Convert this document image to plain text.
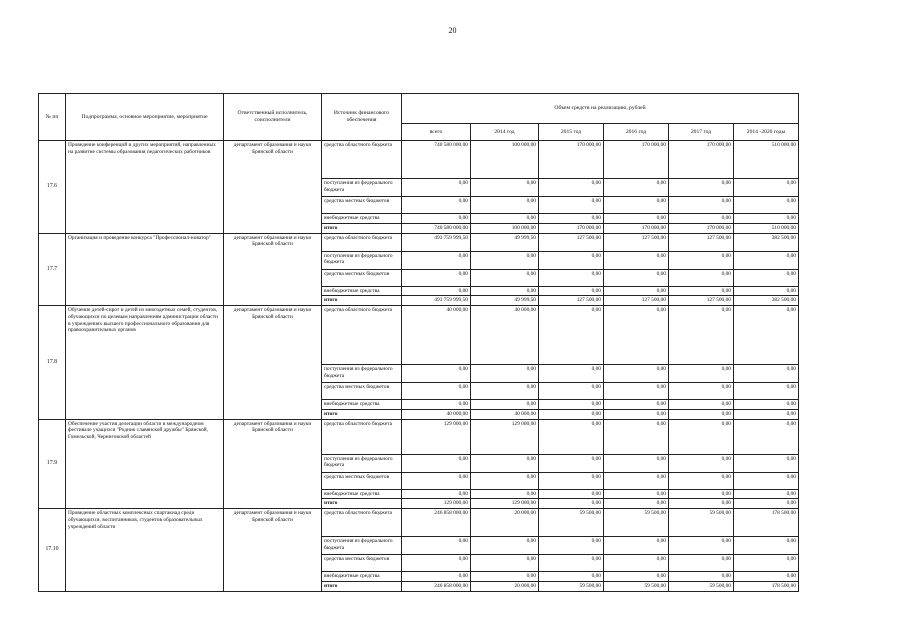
20
№ пп	Подпрограмма, основное мероприятие, мероприятие	Ответственный исполнитель, соисполнители	Источник финансового обеспечения	Объем средств на реализацию, рублей					
				всего	2014 год	2015 год	2016 год	2017 год	2014 -2020 годы
17.6	Проведение конференций и других мероприятий, направленных на развитие системы образования педагогических работников	департамент образования и науки Брянской области	средства областного бюджета	740 580 000,00	100 000,00	170 000,00	170 000,00	170 000,00	510 000,00
			поступления из федерального бюджета	0,00	0,00	0,00	0,00	0,00	0,00
			средства местных бюджетов	0,00	0,00	0,00	0,00	0,00	0,00
			внебюджетные средства	0,00	0,00	0,00	0,00	0,00	0,00
			итого	740 580 000,00	100 000,00	170 000,00	170 000,00	170 000,00	510 000,00
17.7	Организация и проведение конкурса "Профессионал-новатор"	департамент образования и науки Брянской области	средства областного бюджета	493 759 999,50	49 999,50	127 500,00	127 500,00	127 500,00	382 500,00
			поступления из федерального бюджета	0,00	0,00	0,00	0,00	0,00	0,00
			средства местных бюджетов	0,00	0,00	0,00	0,00	0,00	0,00
			внебюджетные средства	0,00	0,00	0,00	0,00	0,00	0,00
			итого	493 759 999,50	49 999,50	127 500,00	127 500,00	127 500,00	382 500,00
17.8	Обучение детей-сирот и детей из многодетных семей, студентов, обучающихся по целевым направлениям администрации области в учреждениях высшего профессионального образования для правоохранительных органов	департамент образования и науки Брянской области	средства областного бюджета	40 000,00	40 000,00	0,00	0,00	0,00	0,00
			поступления из федерального бюджета	0,00	0,00	0,00	0,00	0,00	0,00
			средства местных бюджетов	0,00	0,00	0,00	0,00	0,00	0,00
			внебюджетные средства	0,00	0,00	0,00	0,00	0,00	0,00
			итого	40 000,00	40 000,00	0,00	0,00	0,00	0,00
17.9	Обеспечение участия делегации области в международном фестивале учащихся "Родник славянской дружбы" Брянской, Гомельской, Черниговской областей	департамент образования и науки Брянской области	средства областного бюджета	129 000,00	129 000,00	0,00	0,00	0,00	0,00
			поступления из федерального бюджета	0,00	0,00	0,00	0,00	0,00	0,00
			средства местных бюджетов	0,00	0,00	0,00	0,00	0,00	0,00
			внебюджетные средства	0,00	0,00	0,00	0,00	0,00	0,00
			итого	129 000,00	129 000,00	0,00	0,00	0,00	0,00
17.10	Проведение областных комплексных спартакиад среди обучающихся, воспитанников, студентов образовательных учреждений области	департамент образования и науки Брянской области	средства областного бюджета	246 858 000,00	20 000,00	59 500,00	59 500,00	59 500,00	178 500,00
			поступления из федерального бюджета	0,00	0,00	0,00	0,00	0,00	0,00
			средства местных бюджетов	0,00	0,00	0,00	0,00	0,00	0,00
			внебюджетные средства	0,00	0,00	0,00	0,00	0,00	0,00
			итого	246 858 000,00	20 000,00	59 500,00	59 500,00	59 500,00	178 500,00
